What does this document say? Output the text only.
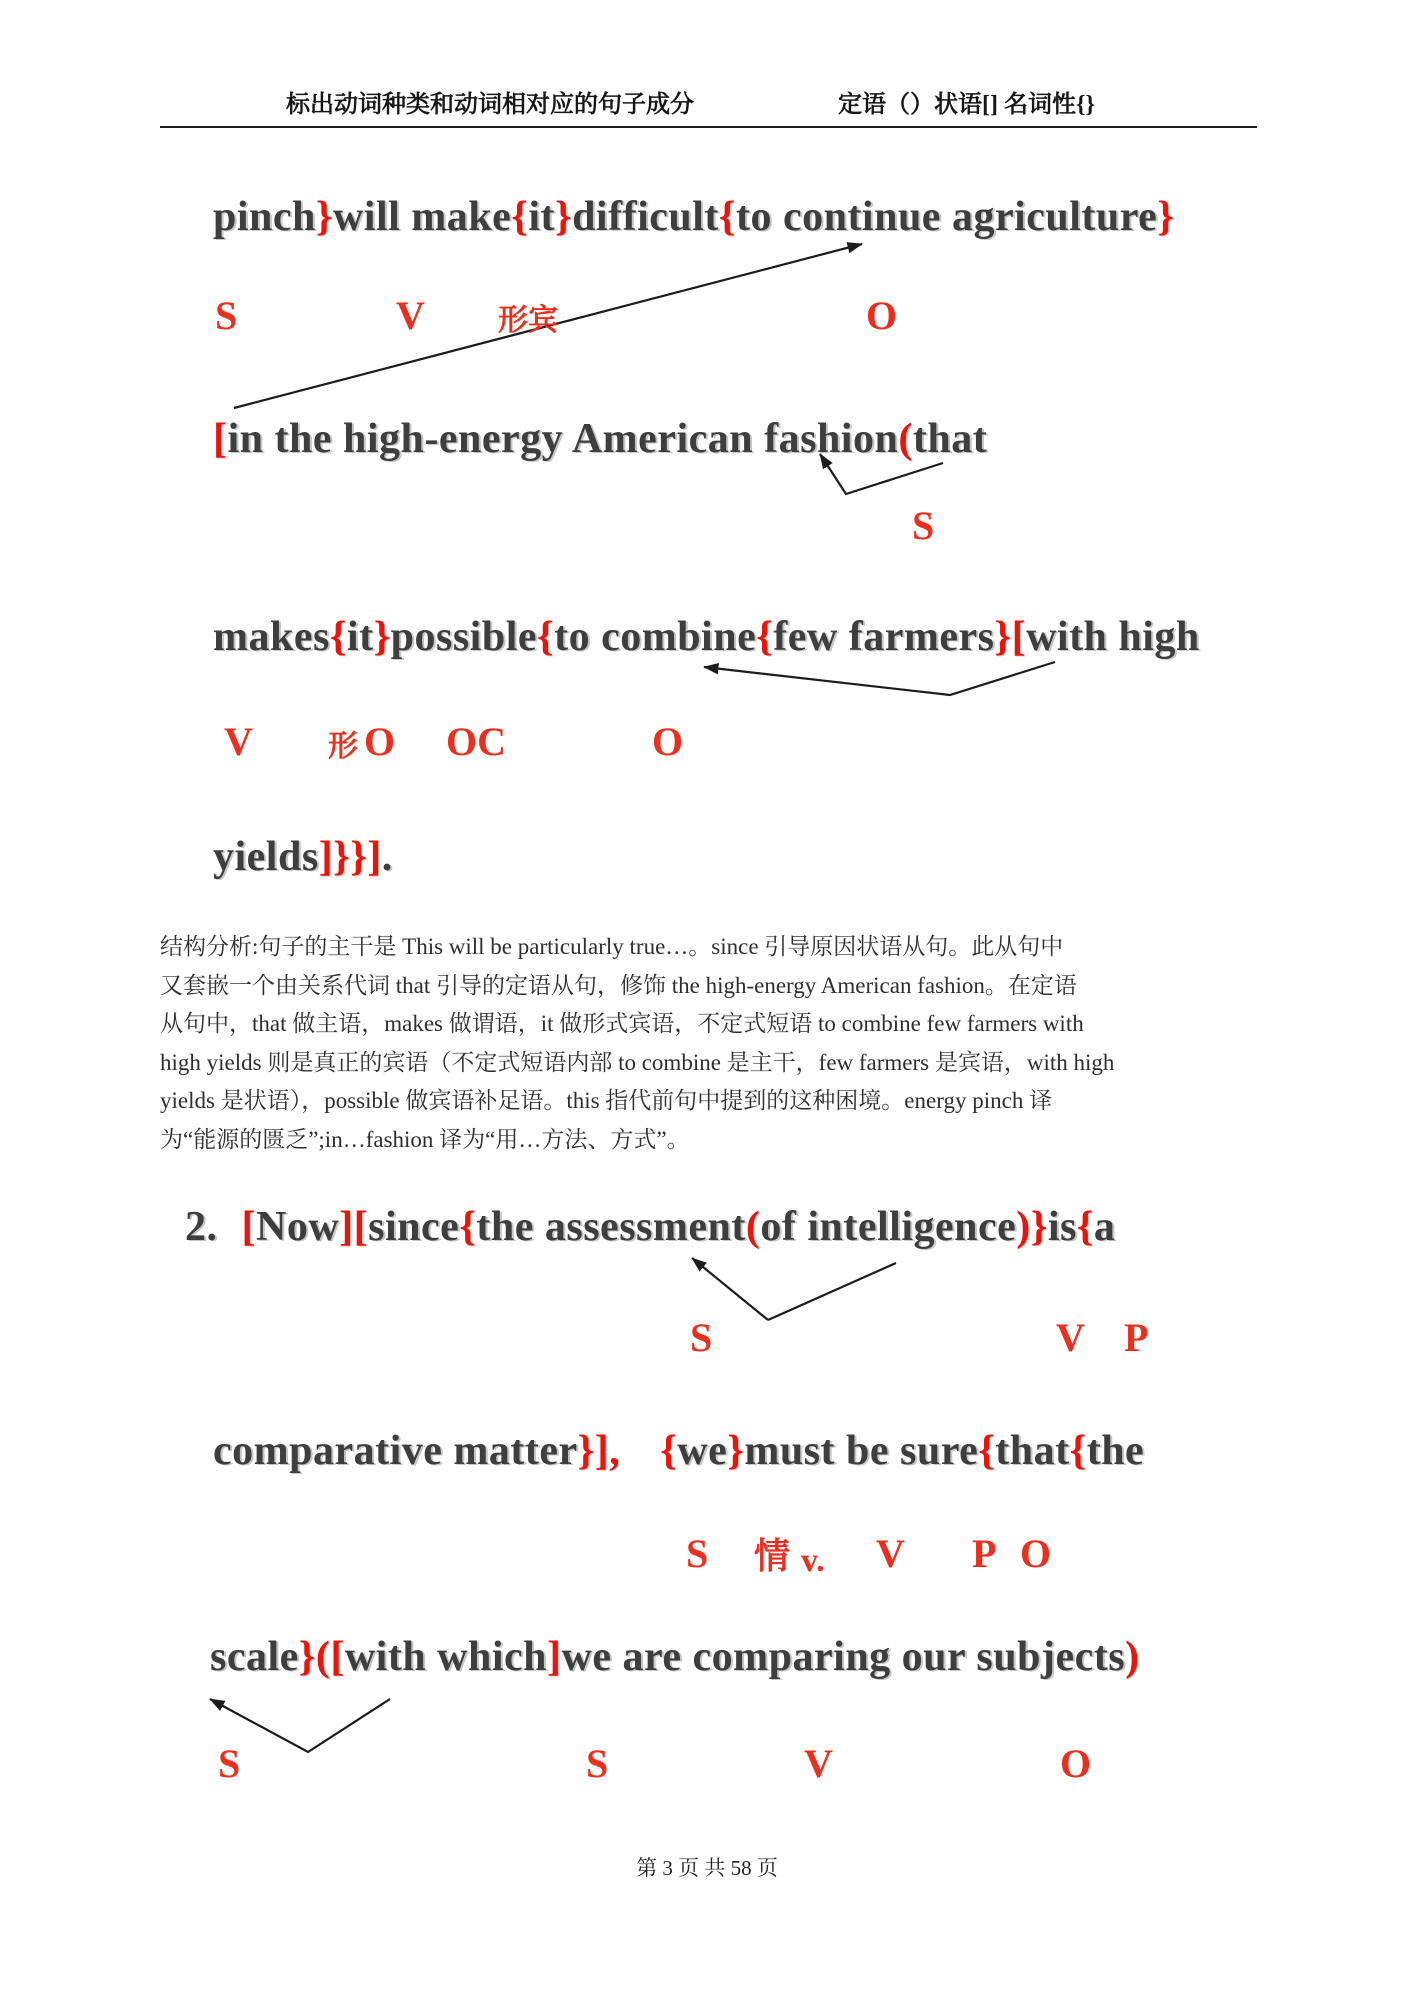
标出动词种类和动词相对应的句子成分	定语（）状语[] 名词性{}
pinch}will make{it}difficult{to continue agriculture}
[in the high-energy American fashion(that
makes{it}possible{to combine{few farmers}[with high
yields]}}].
2. [Now][since{the assessment(of intelligence)}is{a
comparative matter}], {we}must be sure{that{the
scale}([with which]we are comparing our subjects)
S	V 形宾	O
S
V	形 O OC	O
S	V P
S 情 v. V P O
S	S	V	O
结构分析:句子的主干是 This will be particularly true…。since 引导原因状语从句。此从句中
又套嵌一个由关系代词 that 引导的定语从句，修饰 the high-energy American fashion。在定语
从句中，that 做主语，makes 做谓语，it 做形式宾语，不定式短语 to combine few farmers with
high yields 则是真正的宾语（不定式短语内部 to combine 是主干，few farmers 是宾语，with high
yields 是状语），possible 做宾语补足语。this 指代前句中提到的这种困境。energy pinch 译
为“能源的匮乏”;in…fashion 译为“用…方法、方式”。
第 3 页 共 58 页
